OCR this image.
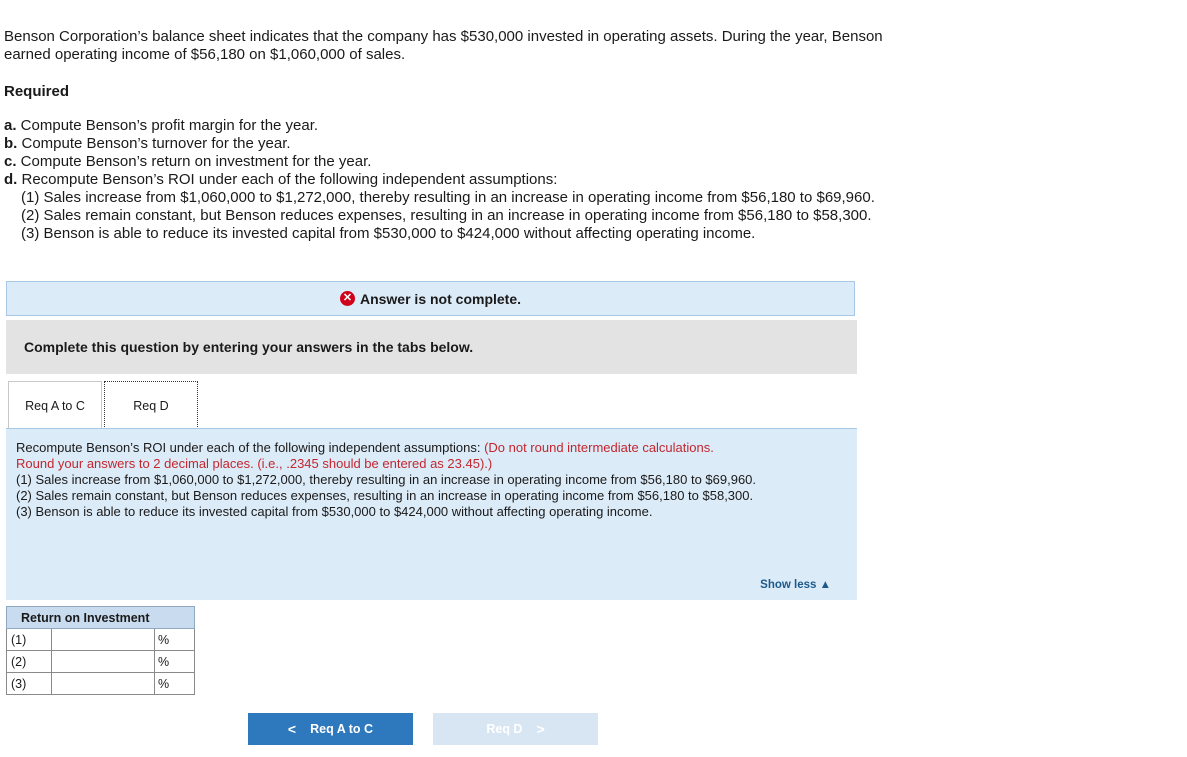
Benson Corporation’s balance sheet indicates that the company has $530,000 invested in operating assets. During the year, Benson

earned operating income of $56,180 on $1,060,000 of sales.

Required
a. Compute Benson’s profit margin for the year.
b. Compute Benson’s turnover for the year.
c. Compute Benson’s return on investment for the year.
d. Recompute Benson’s ROI under each of the following independent assumptions:
(1) Sales increase from $1,060,000 to $1,272,000, thereby resulting in an increase in operating income from $56,180 to $69,960.
(2) Sales remain constant, but Benson reduces expenses, resulting in an increase in operating income from $56,180 to $58,300.
(3) Benson is able to reduce its invested capital from $530,000 to $424,000 without affecting operating income.
✕ Answer is not complete.
Complete this question by entering your answers in the tabs below.
Req A to C	Req D
Recompute Benson’s ROI under each of the following independent assumptions: (Do not round intermediate calculations.
Round your answers to 2 decimal places. (i.e., .2345 should be entered as 23.45).)
(1) Sales increase from $1,060,000 to $1,272,000, thereby resulting in an increase in operating income from $56,180 to $69,960.
(2) Sales remain constant, but Benson reduces expenses, resulting in an increase in operating income from $56,180 to $58,300.
(3) Benson is able to reduce its invested capital from $530,000 to $424,000 without affecting operating income.
Show less ▲
Return on Investment		
(1)		%
(2)		%
(3)		%
< Req A to C	Req D >
